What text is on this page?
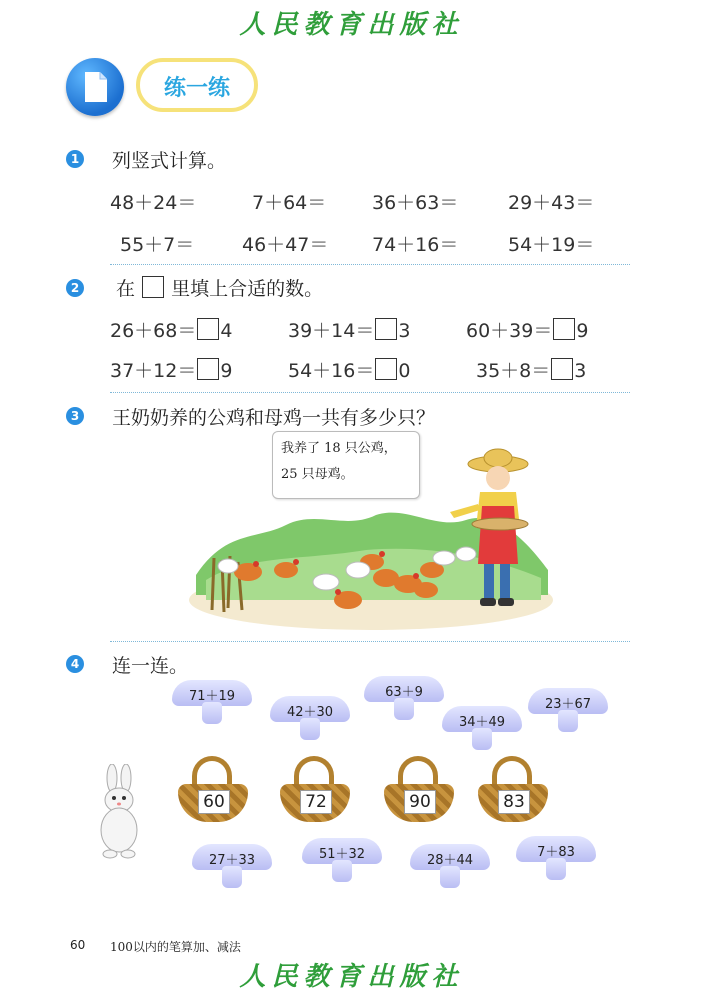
人民教育出版社
练一练
1 列竖式计算。
48＋24＝	7＋64＝ 36＋63＝	29＋43＝
55＋7＝	46＋47＝ 74＋16＝	54＋19＝
2 在 里填上合适的数。
26＋68＝ 4	39＋14＝ 3	60＋39＝ 9
37＋12＝ 9	54＋16＝ 0	35＋8＝ 3
3 王奶奶养的公鸡和母鸡一共有多少只？
我养了 18 只公鸡，
25 只母鸡。
4 连一连。
71＋19
42＋30
63＋9
34＋49
23＋67
60	72	90	83
27＋33	51＋32	28＋44
7＋83
60 100以内的笔算加、减法
人民教育出版社
